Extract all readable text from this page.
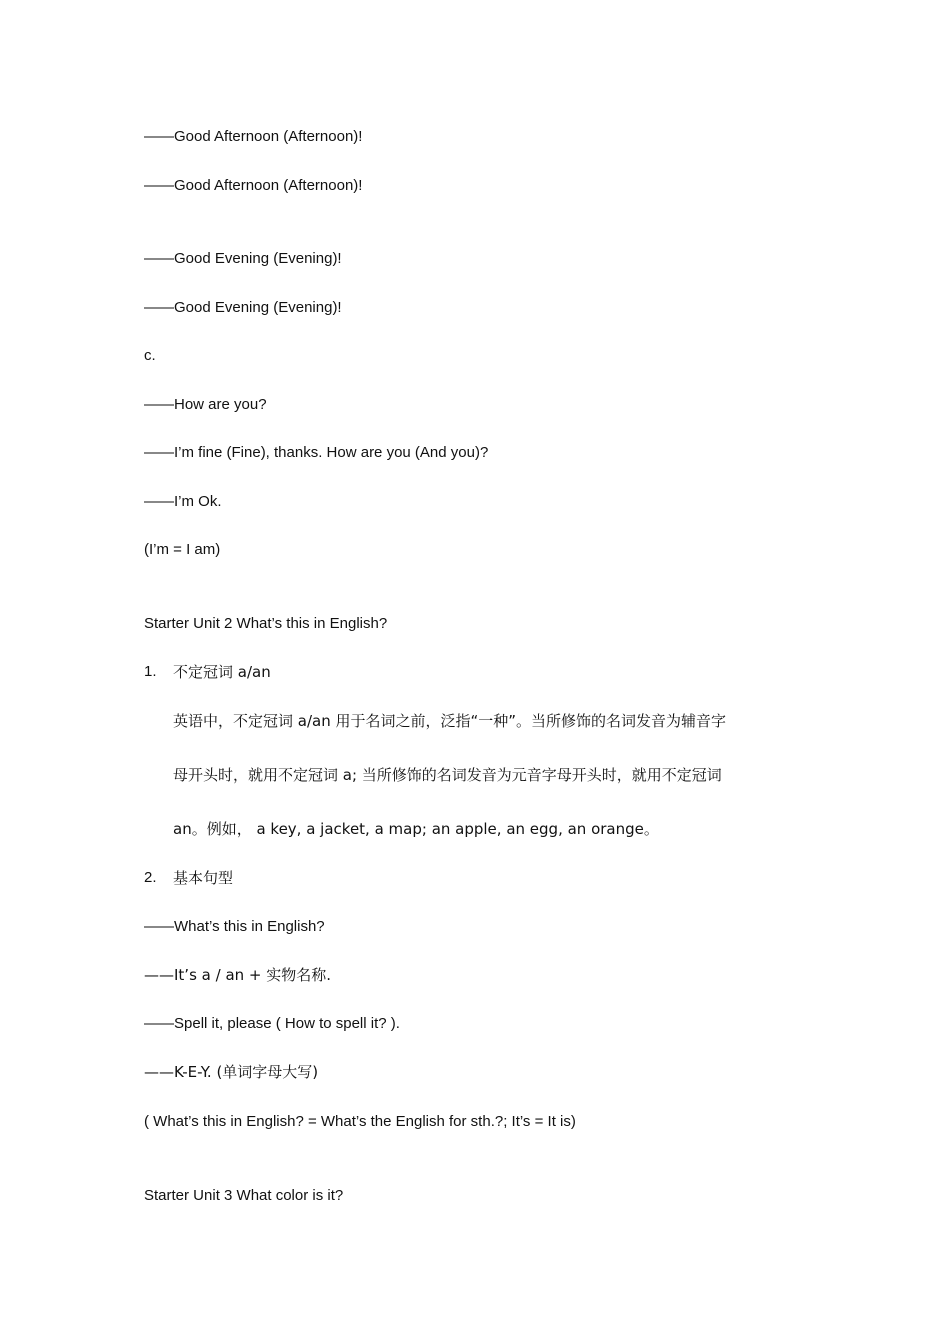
——Good Afternoon (Afternoon)!
——Good Afternoon (Afternoon)!
——Good Evening (Evening)!
——Good Evening (Evening)!
c.
——How are you?
——I’m fine (Fine), thanks. How are you (And you)?
——I’m Ok.
(I’m = I am)
Starter Unit 2 What’s this in English?
1. 不定冠词 a/an
英语中，不定冠词 a/an 用于名词之前，泛指“一种”。当所修饰的名词发音为辅音字
母开头时，就用不定冠词 a; 当所修饰的名词发音为元音字母开头时，就用不定冠词
an。例如， a key, a jacket, a map; an apple, an egg, an orange。
2. 基本句型
——What’s this in English?
——It’s a / an + 实物名称.
——Spell it, please ( How to spell it? ).
——K-E-Y. (单词字母大写)
( What’s this in English? = What’s the English for sth.?; It’s = It is)
Starter Unit 3 What color is it?
